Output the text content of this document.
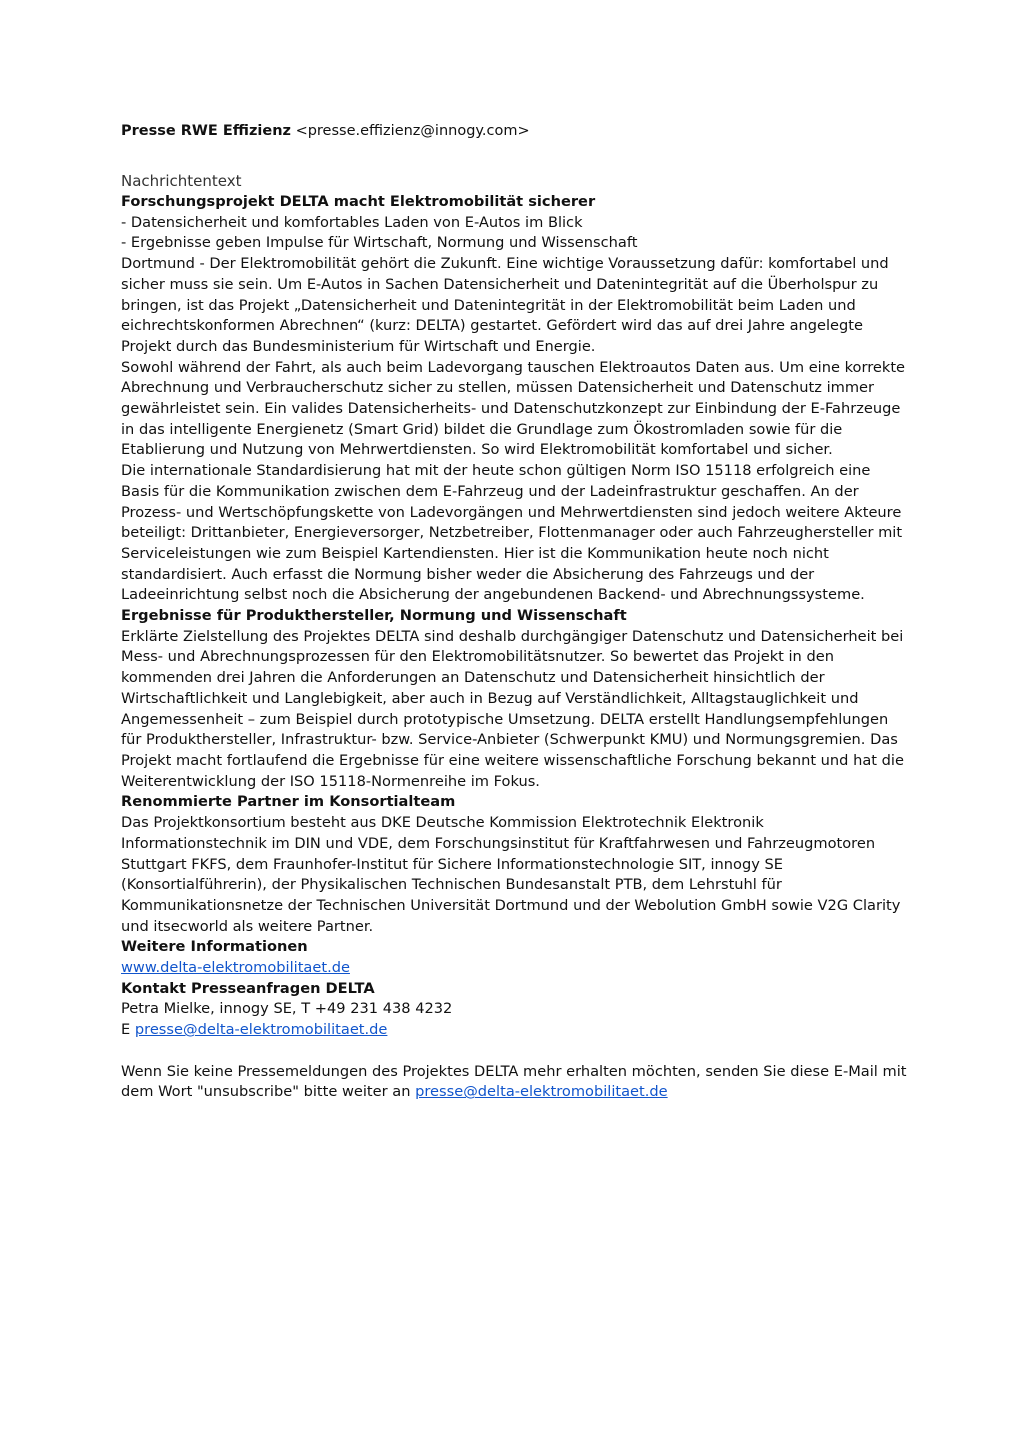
Presse RWE Effizienz <presse.effizienz@innogy.com>
Nachrichtentext
Forschungsprojekt DELTA macht Elektromobilität sicherer
- Datensicherheit und komfortables Laden von E-Autos im Blick
- Ergebnisse geben Impulse für Wirtschaft, Normung und Wissenschaft

Dortmund - Der Elektromobilität gehört die Zukunft. Eine wichtige Voraussetzung dafür: komfortabel und sicher muss sie sein. Um E-Autos in Sachen Datensicherheit und Datenintegrität auf die Überholspur zu bringen, ist das Projekt „Datensicherheit und Datenintegrität in der Elektromobilität beim Laden und eichrechtskonformen Abrechnen“ (kurz: DELTA) gestartet. Gefördert wird das auf drei Jahre angelegte Projekt durch das Bundesministerium für Wirtschaft und Energie.

Sowohl während der Fahrt, als auch beim Ladevorgang tauschen Elektroautos Daten aus. Um eine korrekte Abrechnung und Verbraucherschutz sicher zu stellen, müssen Datensicherheit und Datenschutz immer gewährleistet sein. Ein valides Datensicherheits- und Datenschutzkonzept zur Einbindung der E-Fahrzeuge in das intelligente Energienetz (Smart Grid) bildet die Grundlage zum Ökostromladen sowie für die Etablierung und Nutzung von Mehrwertdiensten. So wird Elektromobilität komfortabel und sicher.

Die internationale Standardisierung hat mit der heute schon gültigen Norm ISO 15118 erfolgreich eine Basis für die Kommunikation zwischen dem E-Fahrzeug und der Ladeinfrastruktur geschaffen. An der Prozess- und Wertschöpfungskette von Ladevorgängen und Mehrwertdiensten sind jedoch weitere Akteure beteiligt: Drittanbieter, Energieversorger, Netzbetreiber, Flottenmanager oder auch Fahrzeughersteller mit Serviceleistungen wie zum Beispiel Kartendiensten. Hier ist die Kommunikation heute noch nicht standardisiert. Auch erfasst die Normung bisher weder die Absicherung des Fahrzeugs und der Ladeeinrichtung selbst noch die Absicherung der angebundenen Backend- und Abrechnungssysteme.

Ergebnisse für Produkthersteller, Normung und Wissenschaft

Erklärte Zielstellung des Projektes DELTA sind deshalb durchgängiger Datenschutz und Datensicherheit bei Mess- und Abrechnungsprozessen für den Elektromobilitätsnutzer. So bewertet das Projekt in den kommenden drei Jahren die Anforderungen an Datenschutz und Datensicherheit hinsichtlich der Wirtschaftlichkeit und Langlebigkeit, aber auch in Bezug auf Verständlichkeit, Alltagstauglichkeit und Angemessenheit – zum Beispiel durch prototypische Umsetzung. DELTA erstellt Handlungsempfehlungen für Produkthersteller, Infrastruktur- bzw. Service-Anbieter (Schwerpunkt KMU) und Normungsgremien. Das Projekt macht fortlaufend die Ergebnisse für eine weitere wissenschaftliche Forschung bekannt und hat die Weiterentwicklung der ISO 15118-Normenreihe im Fokus.

Renommierte Partner im Konsortialteam

Das Projektkonsortium besteht aus DKE Deutsche Kommission Elektrotechnik Elektronik Informationstechnik im DIN und VDE, dem Forschungsinstitut für Kraftfahrwesen und Fahrzeugmotoren Stuttgart FKFS, dem Fraunhofer-Institut für Sichere Informationstechnologie SIT, innogy SE (Konsortialführerin), der Physikalischen Technischen Bundesanstalt PTB, dem Lehrstuhl für Kommunikationsnetze der Technischen Universität Dortmund und der Webolution GmbH sowie V2G Clarity und itsecworld als weitere Partner.

Weitere Informationen
www.delta-elektromobilitaet.de
Kontakt Presseanfragen DELTA
Petra Mielke, innogy SE, T +49 231 438 4232
E presse@delta-elektromobilitaet.de

Wenn Sie keine Pressemeldungen des Projektes DELTA mehr erhalten möchten, senden Sie diese E-Mail mit dem Wort "unsubscribe" bitte weiter an presse@delta-elektromobilitaet.de
